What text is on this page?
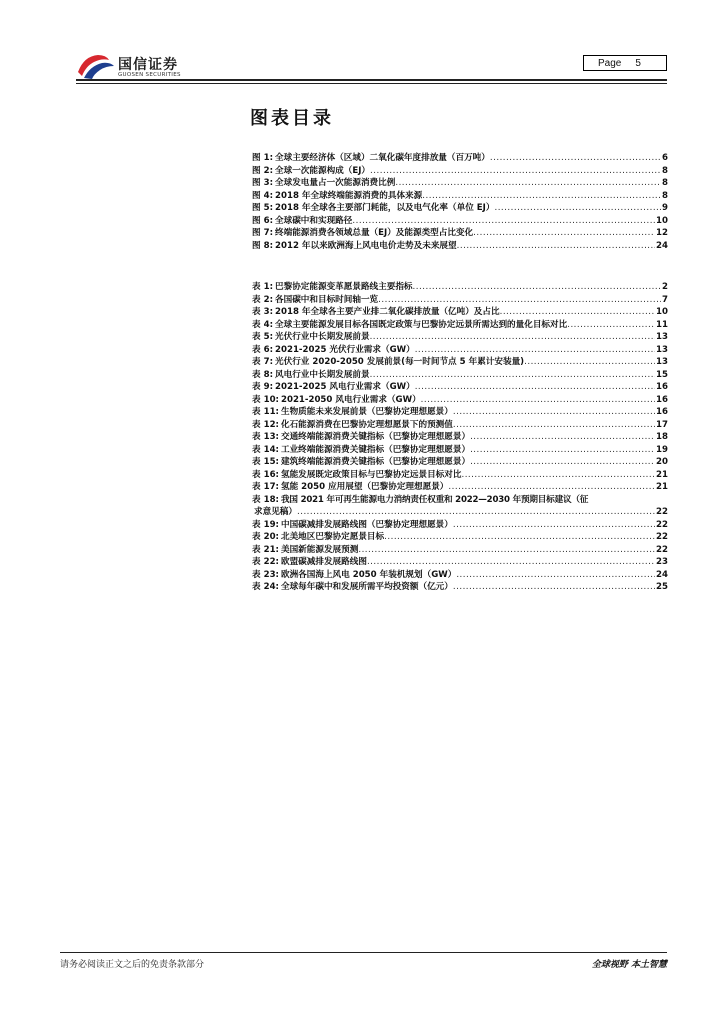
国信证券
GUOSEN SECURITIES
Page 5
图表目录
图 1: 全球主要经济体（区域）二氧化碳年度排放量（百万吨） .....	6
图 2: 全球一次能源构成（EJ） .....	8
图 3: 全球发电量占一次能源消费比例 .....	8
图 4: 2018 年全球终端能源消费的具体来源 .....	8
图 5: 2018 年全球各主要部门耗能，以及电气化率（单位 EJ） .....	9
图 6: 全球碳中和实现路径 .....	10
图 7: 终端能源消费各领域总量（EJ）及能源类型占比变化 .....	12
图 8: 2012 年以来欧洲海上风电电价走势及未来展望 .....	24
表 1: 巴黎协定能源变革愿景路线主要指标 .....	2
表 2: 各国碳中和目标时间轴一览 .....	7
表 3: 2018 年全球各主要产业排二氧化碳排放量（亿吨）及占比 .....	10
表 4: 全球主要能源发展目标各国既定政策与巴黎协定远景所需达到的量化目标对比 .....	11
表 5: 光伏行业中长期发展前景 .....	13
表 6: 2021-2025 光伏行业需求（GW） .....	13
表 7: 光伏行业 2020-2050 发展前景(每一时间节点 5 年累计安装量) .....	13
表 8: 风电行业中长期发展前景 .....	15
表 9: 2021-2025 风电行业需求（GW） .....	16
表 10: 2021-2050 风电行业需求（GW） .....	16
表 11: 生物质能未来发展前景（巴黎协定理想愿景） .....	16
表 12: 化石能源消费在巴黎协定理想愿景下的预测值 .....	17
表 13: 交通终端能源消费关键指标（巴黎协定理想愿景） .....	18
表 14: 工业终端能源消费关键指标（巴黎协定理想愿景） .....	19
表 15: 建筑终端能源消费关键指标（巴黎协定理想愿景） .....	20
表 16: 氢能发展既定政策目标与巴黎协定远景目标对比 .....	21
表 17: 氢能 2050 应用展望（巴黎协定理想愿景） .....	21
表 18: 我国 2021 年可再生能源电力消纳责任权重和 2022—2030 年预期目标建议（征
求意见稿） .....	22
表 19: 中国碳减排发展路线图（巴黎协定理想愿景） .....	22
表 20: 北美地区巴黎协定愿景目标 .....	22
表 21: 美国新能源发展预测 .....	22
表 22: 欧盟碳减排发展路线图 .....	23
表 23: 欧洲各国海上风电 2050 年装机规划（GW） .....	24
表 24: 全球每年碳中和发展所需平均投资额（亿元） .....	25
请务必阅读正文之后的免责条款部分	全球视野 本土智慧
